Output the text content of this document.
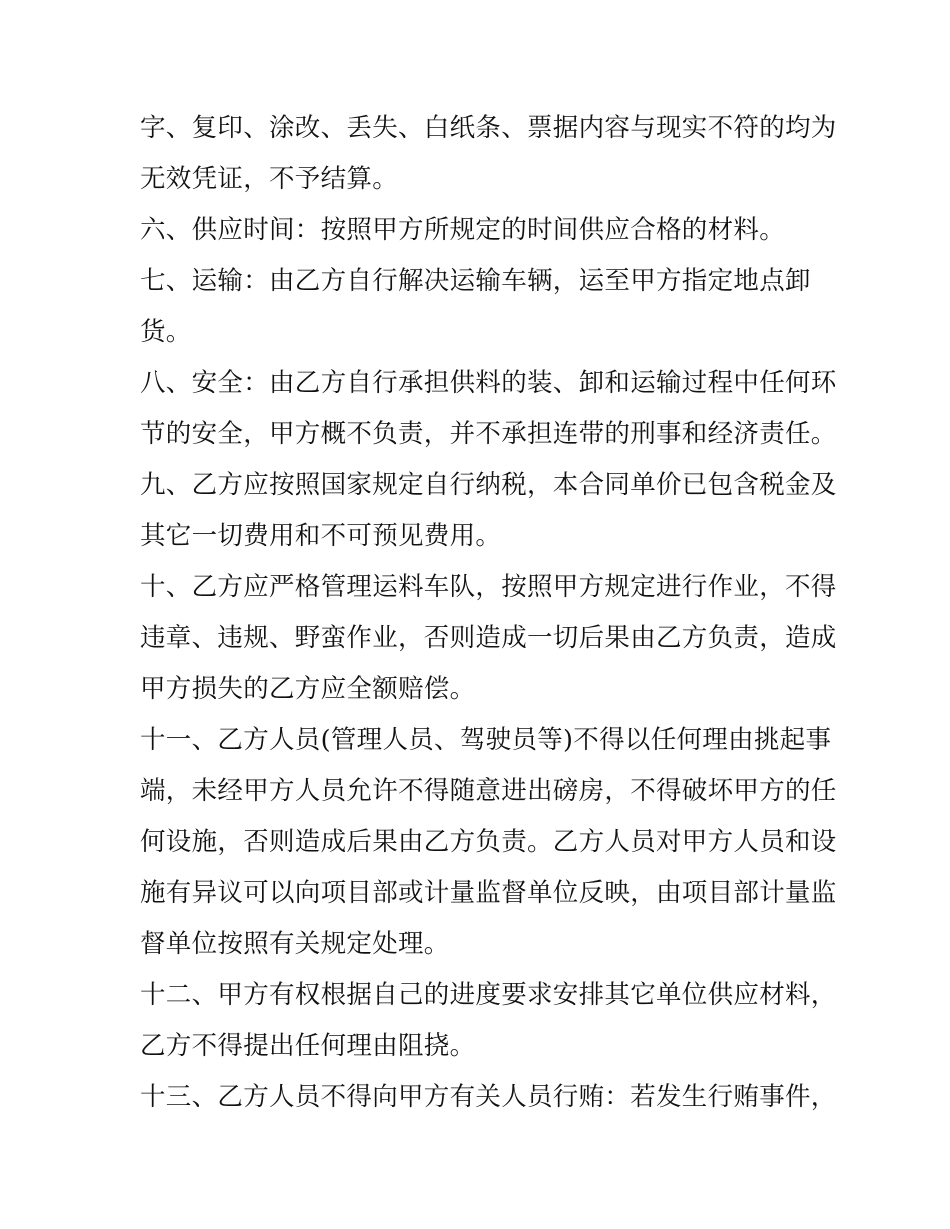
字、复印、涂改、丢失、白纸条、票据内容与现实不符的均为
无效凭证，不予结算。
六、供应时间：按照甲方所规定的时间供应合格的材料。
七、运输：由乙方自行解决运输车辆，运至甲方指定地点卸
货。
八、安全：由乙方自行承担供料的装、卸和运输过程中任何环
节的安全，甲方概不负责，并不承担连带的刑事和经济责任。
九、乙方应按照国家规定自行纳税，本合同单价已包含税金及
其它一切费用和不可预见费用。
十、乙方应严格管理运料车队，按照甲方规定进行作业，不得
违章、违规、野蛮作业，否则造成一切后果由乙方负责，造成
甲方损失的乙方应全额赔偿。
十一、乙方人员(管理人员、驾驶员等)不得以任何理由挑起事
端，未经甲方人员允许不得随意进出磅房，不得破坏甲方的任
何设施，否则造成后果由乙方负责。乙方人员对甲方人员和设
施有异议可以向项目部或计量监督单位反映，由项目部计量监
督单位按照有关规定处理。
十二、甲方有权根据自己的进度要求安排其它单位供应材料，
乙方不得提出任何理由阻挠。
十三、乙方人员不得向甲方有关人员行贿：若发生行贿事件，
